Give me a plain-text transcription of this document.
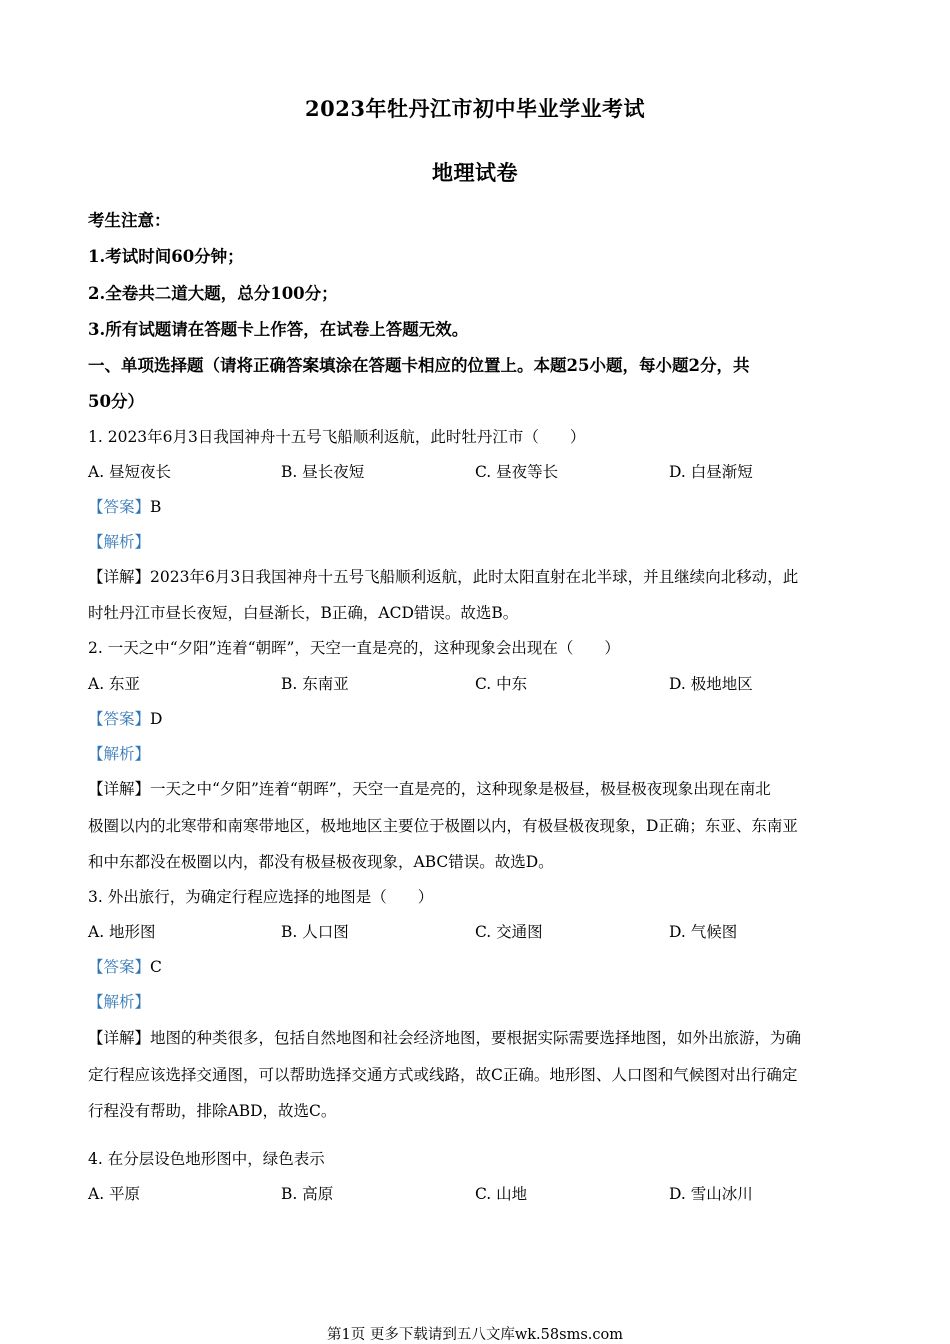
2023年牡丹江市初中毕业学业考试
地理试卷
考生注意：
1.考试时间60分钟；
2.全卷共二道大题，总分100分；
3.所有试题请在答题卡上作答，在试卷上答题无效。
一、单项选择题（请将正确答案填涂在答题卡相应的位置上。本题25小题，每小题2分，共
50分）
1. 2023年6月3日我国神舟十五号飞船顺利返航，此时牡丹江市（　　）
A. 昼短夜长	B. 昼长夜短	C. 昼夜等长	D. 白昼渐短
【答案】B
【解析】
【详解】2023年6月3日我国神舟十五号飞船顺利返航，此时太阳直射在北半球，并且继续向北移动，此
时牡丹江市昼长夜短，白昼渐长，B正确，ACD错误。故选B。
2. 一天之中“夕阳”连着“朝晖”，天空一直是亮的，这种现象会出现在（　　）
A. 东亚	B. 东南亚	C. 中东	D. 极地地区
【答案】D
【解析】
【详解】一天之中“夕阳”连着“朝晖”，天空一直是亮的，这种现象是极昼，极昼极夜现象出现在南北
极圈以内的北寒带和南寒带地区，极地地区主要位于极圈以内，有极昼极夜现象，D正确；东亚、东南亚
和中东都没在极圈以内，都没有极昼极夜现象，ABC错误。故选D。
3. 外出旅行，为确定行程应选择的地图是（　　）
A. 地形图	B. 人口图	C. 交通图	D. 气候图
【答案】C
【解析】
【详解】地图的种类很多，包括自然地图和社会经济地图，要根据实际需要选择地图，如外出旅游，为确
定行程应该选择交通图，可以帮助选择交通方式或线路，故C正确。地形图、人口图和气候图对出行确定
行程没有帮助，排除ABD，故选C。
4. 在分层设色地形图中，绿色表示
A. 平原	B. 高原	C. 山地	D. 雪山冰川
第1页 更多下载请到五八文库wk.58sms.com
